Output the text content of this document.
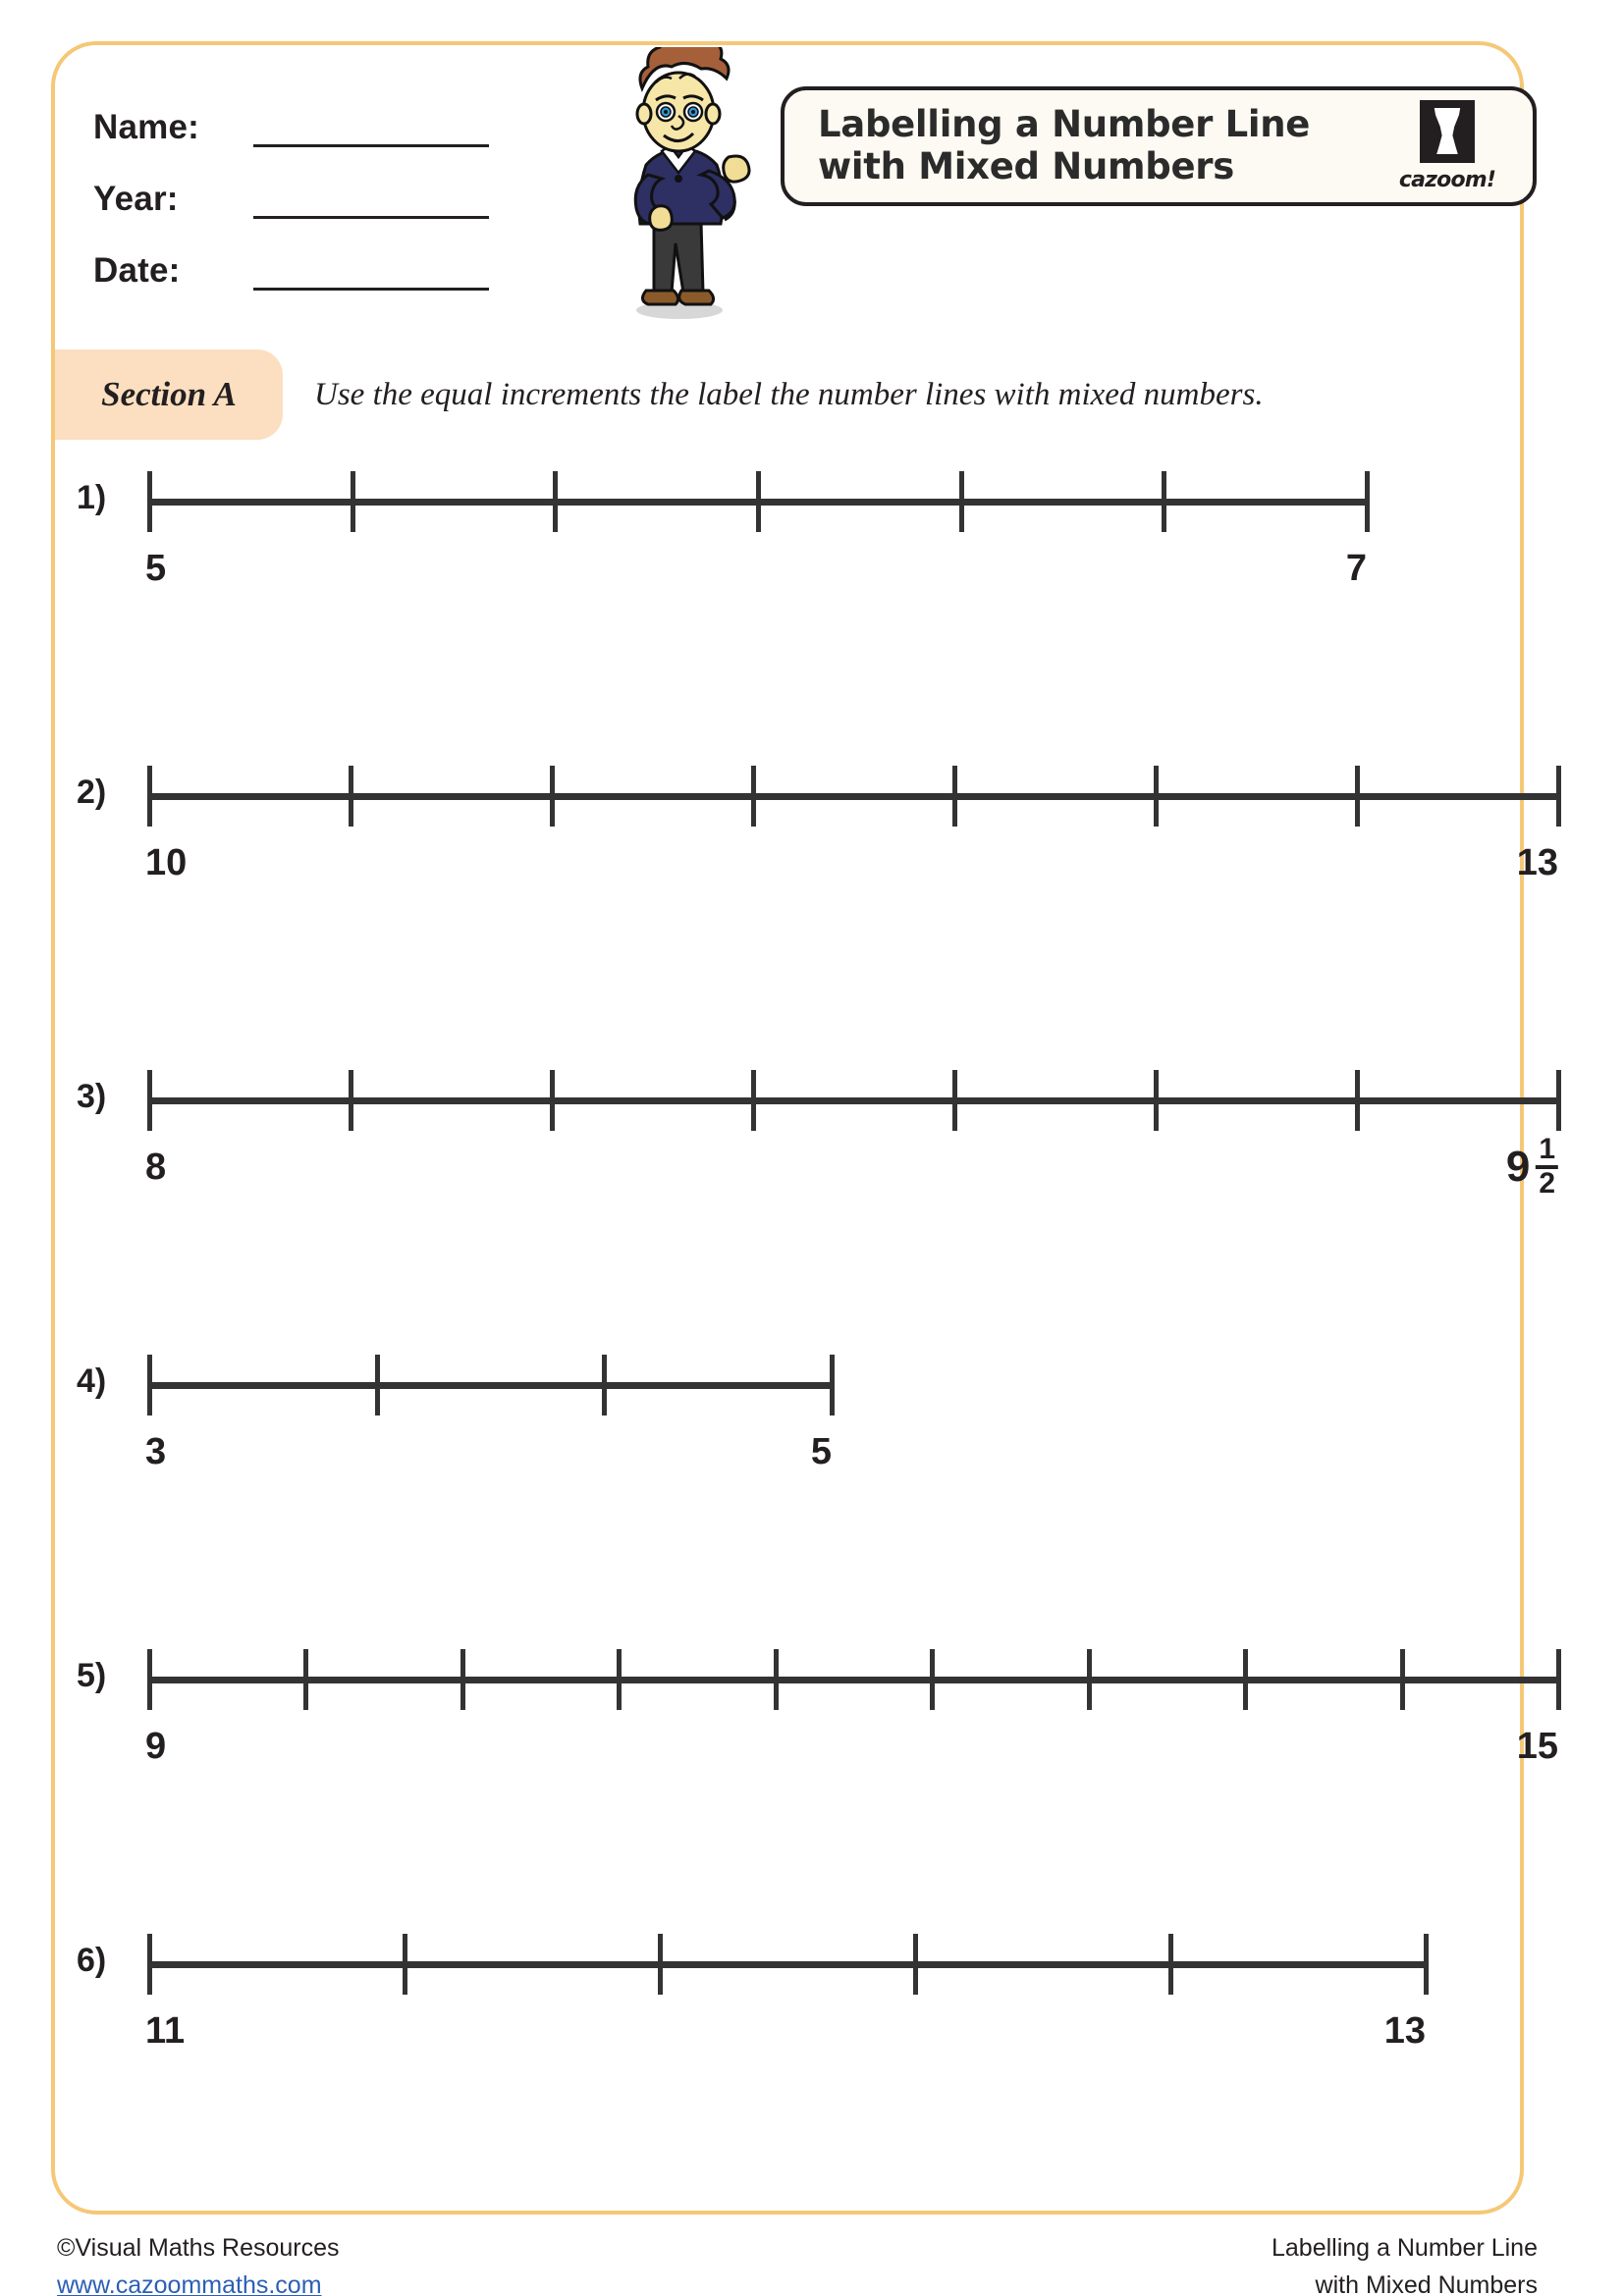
Name:
Year:
Date:
Labelling a Number Line
with Mixed Numbers	cazoom!
Section A Use the equal increments the label the number lines with mixed numbers.
1)
5	7
2)
10	13
3)
8	$9 \frac{1}{2}$
4)
3	5
5)
9	15
6)
11	13
©Visual Maths Resources
www.cazoommaths.com
Labelling a Number Line
with Mixed Numbers
